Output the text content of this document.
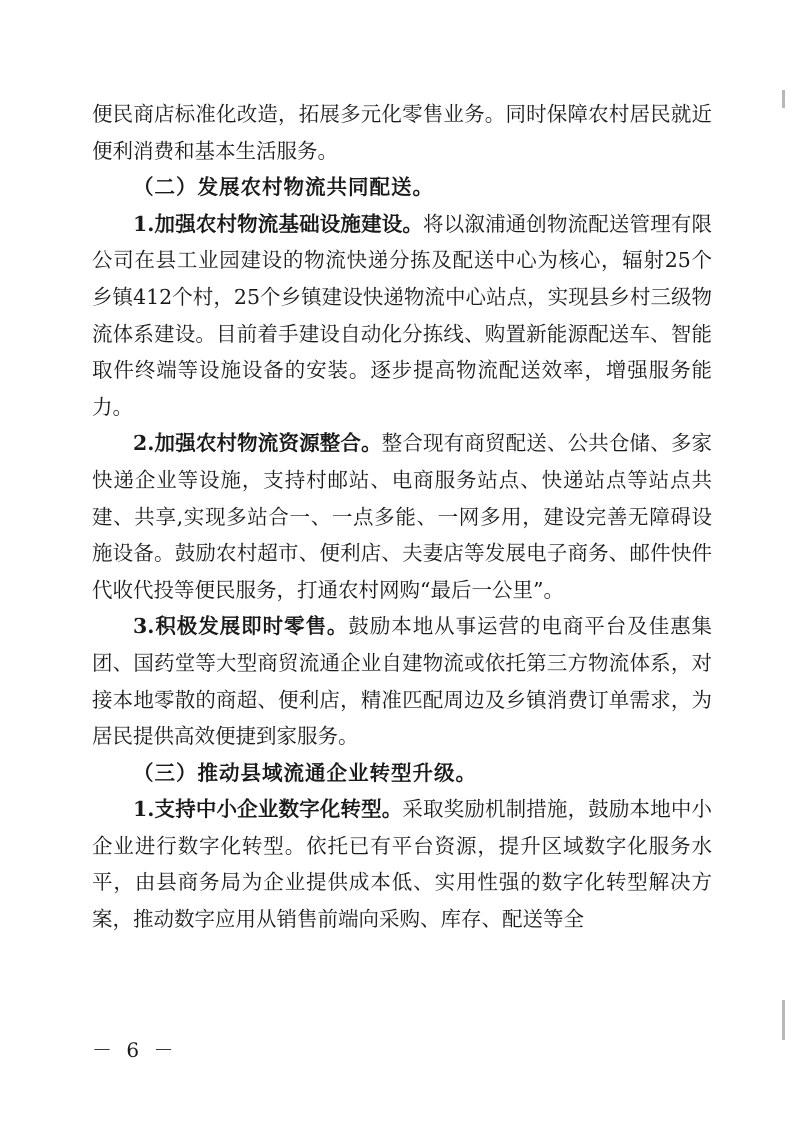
便民商店标准化改造，拓展多元化零售业务。同时保障农村居民就近便利消费和基本生活服务。

（二）发展农村物流共同配送。

1.加强农村物流基础设施建设。将以溆浦通创物流配送管理有限公司在县工业园建设的物流快递分拣及配送中心为核心，辐射25个乡镇412个村，25个乡镇建设快递物流中心站点，实现县乡村三级物流体系建设。目前着手建设自动化分拣线、购置新能源配送车、智能取件终端等设施设备的安装。逐步提高物流配送效率，增强服务能力。

2.加强农村物流资源整合。整合现有商贸配送、公共仓储、多家快递企业等设施，支持村邮站、电商服务站点、快递站点等站点共建、共享,实现多站合一、一点多能、一网多用，建设完善无障碍设施设备。鼓励农村超市、便利店、夫妻店等发展电子商务、邮件快件代收代投等便民服务，打通农村网购“最后一公里”。

3.积极发展即时零售。鼓励本地从事运营的电商平台及佳惠集团、国药堂等大型商贸流通企业自建物流或依托第三方物流体系，对接本地零散的商超、便利店，精准匹配周边及乡镇消费订单需求，为居民提供高效便捷到家服务。

（三）推动县域流通企业转型升级。

1.支持中小企业数字化转型。采取奖励机制措施，鼓励本地中小企业进行数字化转型。依托已有平台资源，提升区域数字化服务水平，由县商务局为企业提供成本低、实用性强的数字化转型解决方案，推动数字应用从销售前端向采购、库存、配送等全

－ 6 －
